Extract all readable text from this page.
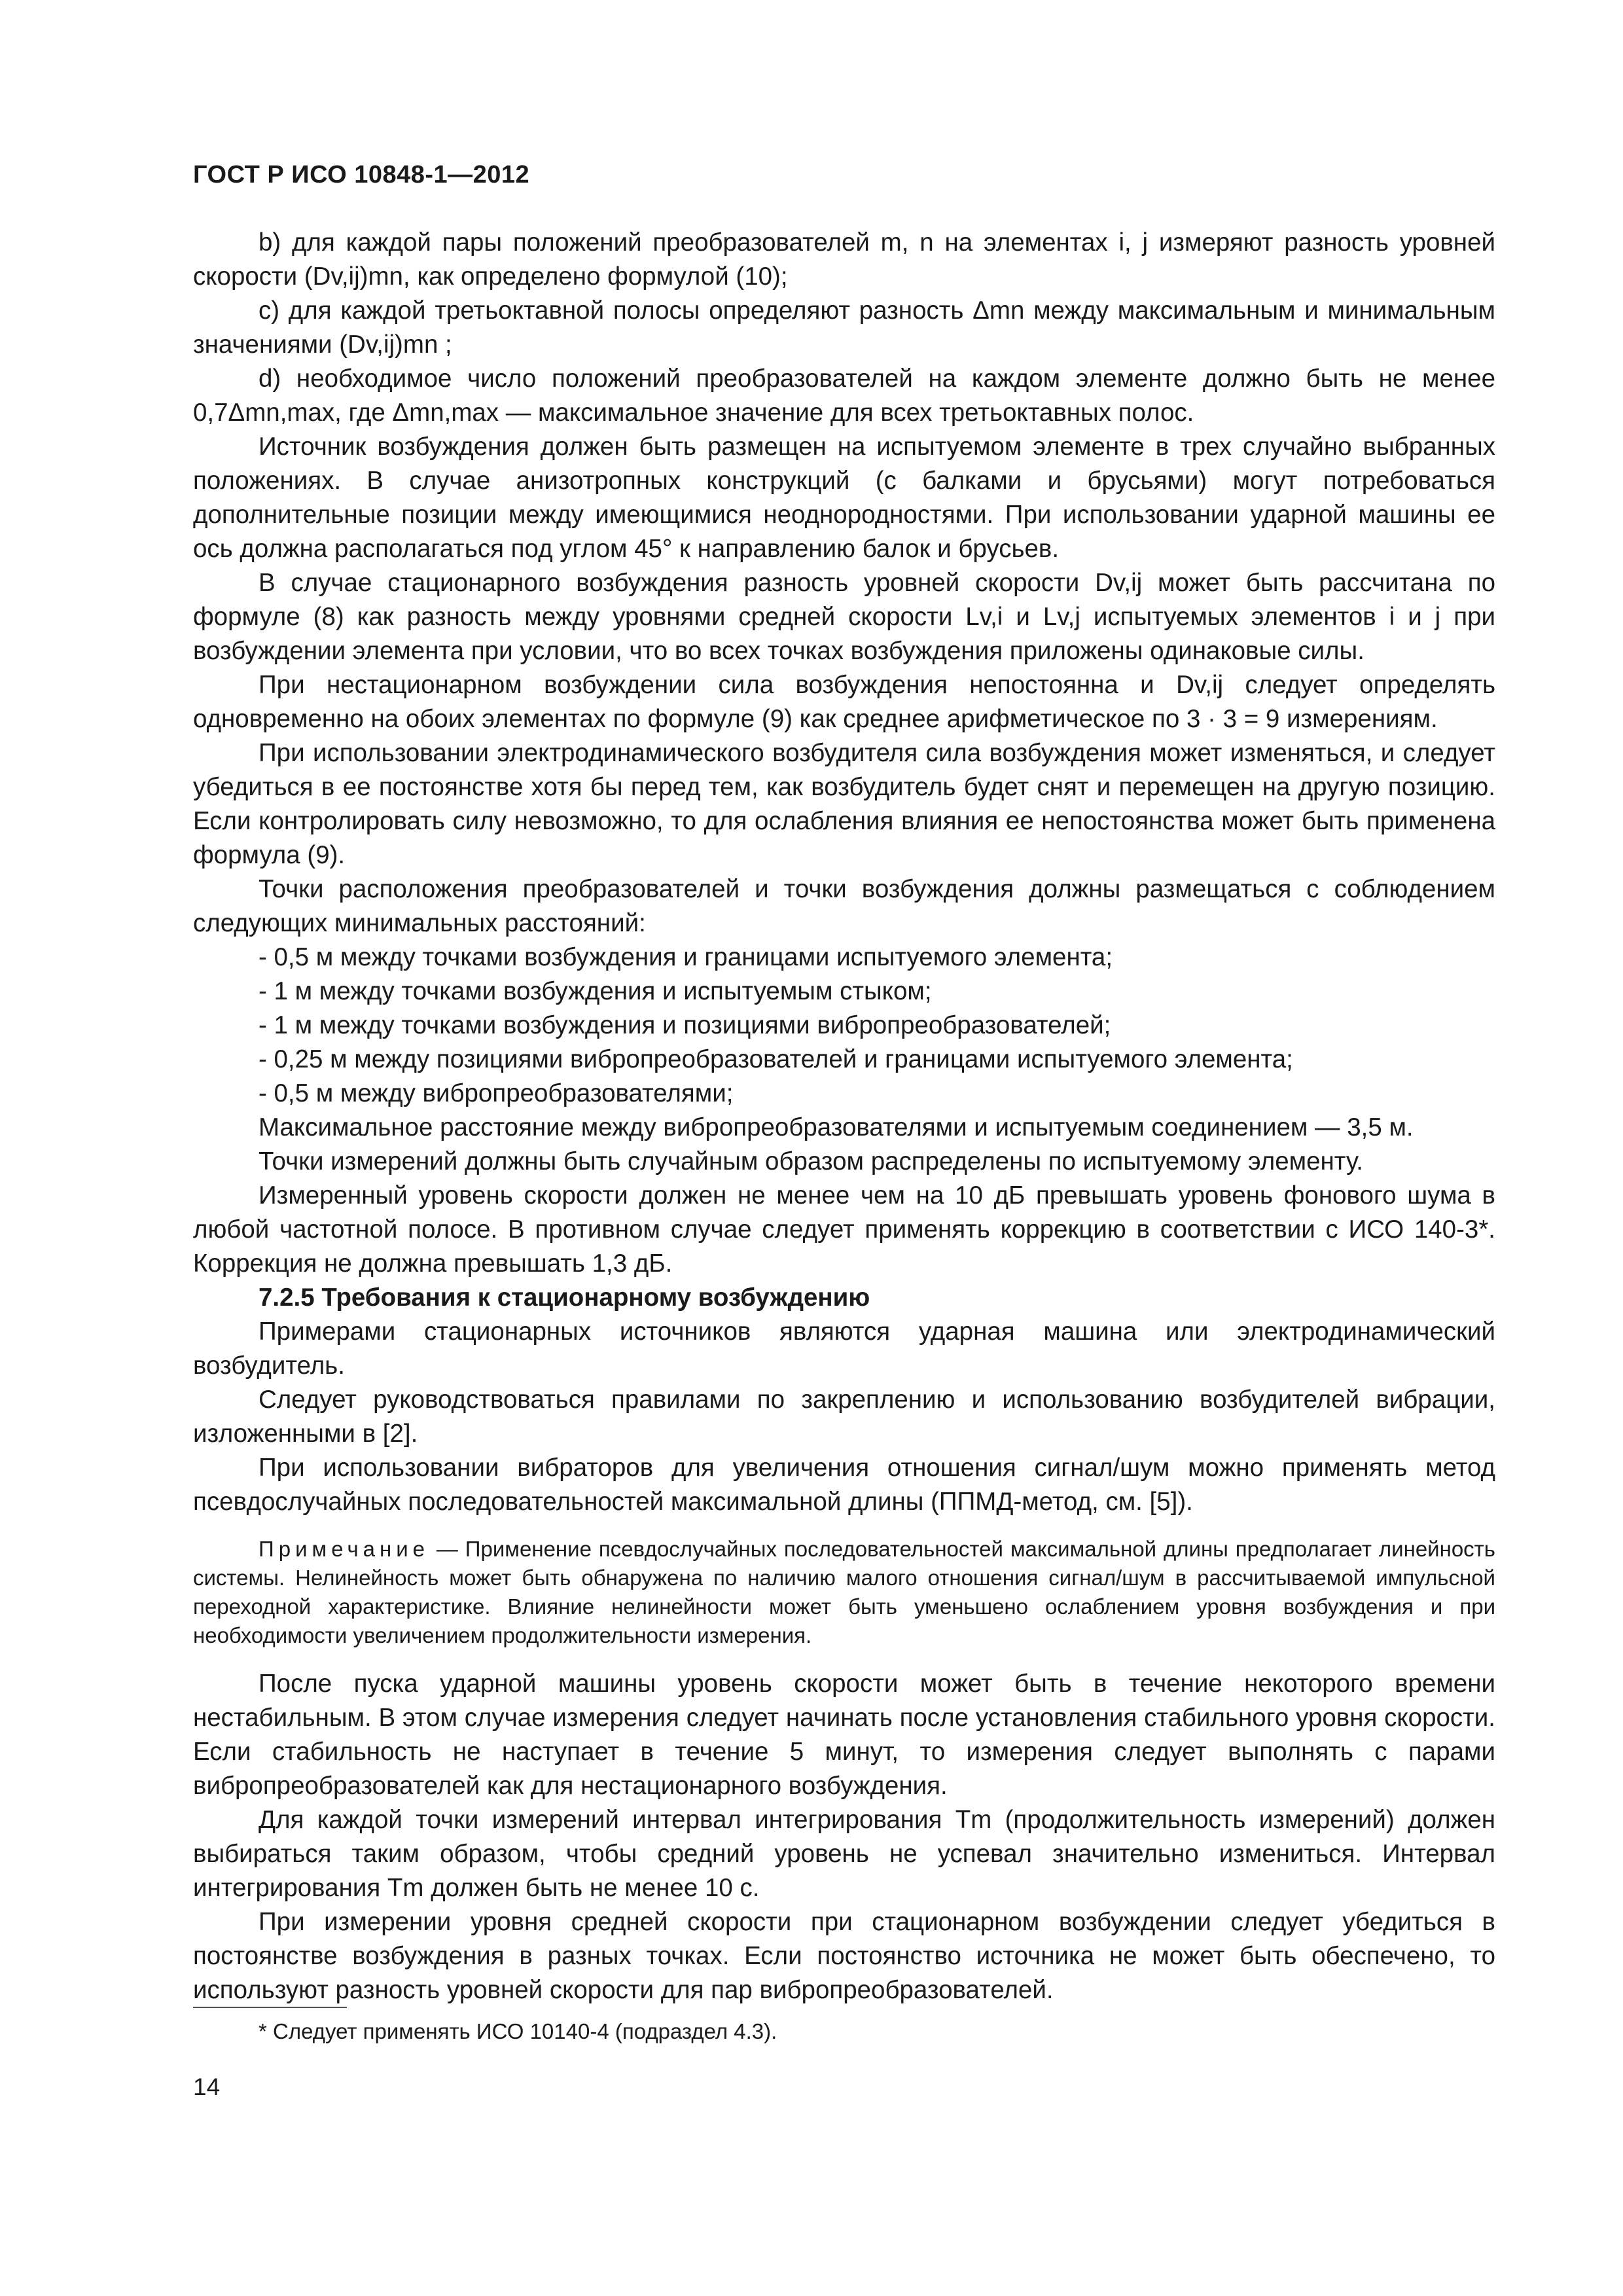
ГОСТ Р ИСО 10848-1—2012

b) для каждой пары положений преобразователей m, n на элементах i, j измеряют разность уровней скорости (Dv,ij)mn, как определено формулой (10);

c) для каждой третьоктавной полосы определяют разность Δmn между максимальным и минимальным значениями (Dv,ij)mn ;

d) необходимое число положений преобразователей на каждом элементе должно быть не менее 0,7Δmn,max, где Δmn,max — максимальное значение для всех третьоктавных полос.

Источник возбуждения должен быть размещен на испытуемом элементе в трех случайно выбранных положениях. В случае анизотропных конструкций (с балками и брусьями) могут потребоваться дополнительные позиции между имеющимися неоднородностями. При использовании ударной машины ее ось должна располагаться под углом 45° к направлению балок и брусьев.

В случае стационарного возбуждения разность уровней скорости Dv,ij может быть рассчитана по формуле (8) как разность между уровнями средней скорости Lv,i и Lv,j испытуемых элементов i и j при возбуждении элемента при условии, что во всех точках возбуждения приложены одинаковые силы.

При нестационарном возбуждении сила возбуждения непостоянна и Dv,ij следует определять одновременно на обоих элементах по формуле (9) как среднее арифметическое по 3 · 3 = 9 измерениям.

При использовании электродинамического возбудителя сила возбуждения может изменяться, и следует убедиться в ее постоянстве хотя бы перед тем, как возбудитель будет снят и перемещен на другую позицию. Если контролировать силу невозможно, то для ослабления влияния ее непостоянства может быть применена формула (9).

Точки расположения преобразователей и точки возбуждения должны размещаться с соблюдением следующих минимальных расстояний:

- 0,5 м между точками возбуждения и границами испытуемого элемента;

- 1 м между точками возбуждения и испытуемым стыком;

- 1 м между точками возбуждения и позициями вибропреобразователей;

- 0,25 м между позициями вибропреобразователей и границами испытуемого элемента;

- 0,5 м между вибропреобразователями;

Максимальное расстояние между вибропреобразователями и испытуемым соединением — 3,5 м.

Точки измерений должны быть случайным образом распределены по испытуемому элементу.

Измеренный уровень скорости должен не менее чем на 10 дБ превышать уровень фонового шума в любой частотной полосе. В противном случае следует применять коррекцию в соответствии с ИСО 140-3*. Коррекция не должна превышать 1,3 дБ.

7.2.5 Требования к стационарному возбуждению

Примерами стационарных источников являются ударная машина или электродинамический возбудитель.

Следует руководствоваться правилами по закреплению и использованию возбудителей вибрации, изложенными в [2].

При использовании вибраторов для увеличения отношения сигнал/шум можно применять метод псевдослучайных последовательностей максимальной длины (ППМД-метод, см. [5]).

Примечание — Применение псевдослучайных последовательностей максимальной длины предполагает линейность системы. Нелинейность может быть обнаружена по наличию малого отношения сигнал/шум в рассчитываемой импульсной переходной характеристике. Влияние нелинейности может быть уменьшено ослаблением уровня возбуждения и при необходимости увеличением продолжительности измерения.

После пуска ударной машины уровень скорости может быть в течение некоторого времени нестабильным. В этом случае измерения следует начинать после установления стабильного уровня скорости. Если стабильность не наступает в течение 5 минут, то измерения следует выполнять с парами вибропреобразователей как для нестационарного возбуждения.

Для каждой точки измерений интервал интегрирования Tm (продолжительность измерений) должен выбираться таким образом, чтобы средний уровень не успевал значительно измениться. Интервал интегрирования Tm должен быть не менее 10 с.

При измерении уровня средней скорости при стационарном возбуждении следует убедиться в постоянстве возбуждения в разных точках. Если постоянство источника не может быть обеспечено, то используют разность уровней скорости для пар вибропреобразователей.

* Следует применять ИСО 10140-4 (подраздел 4.3).
14
